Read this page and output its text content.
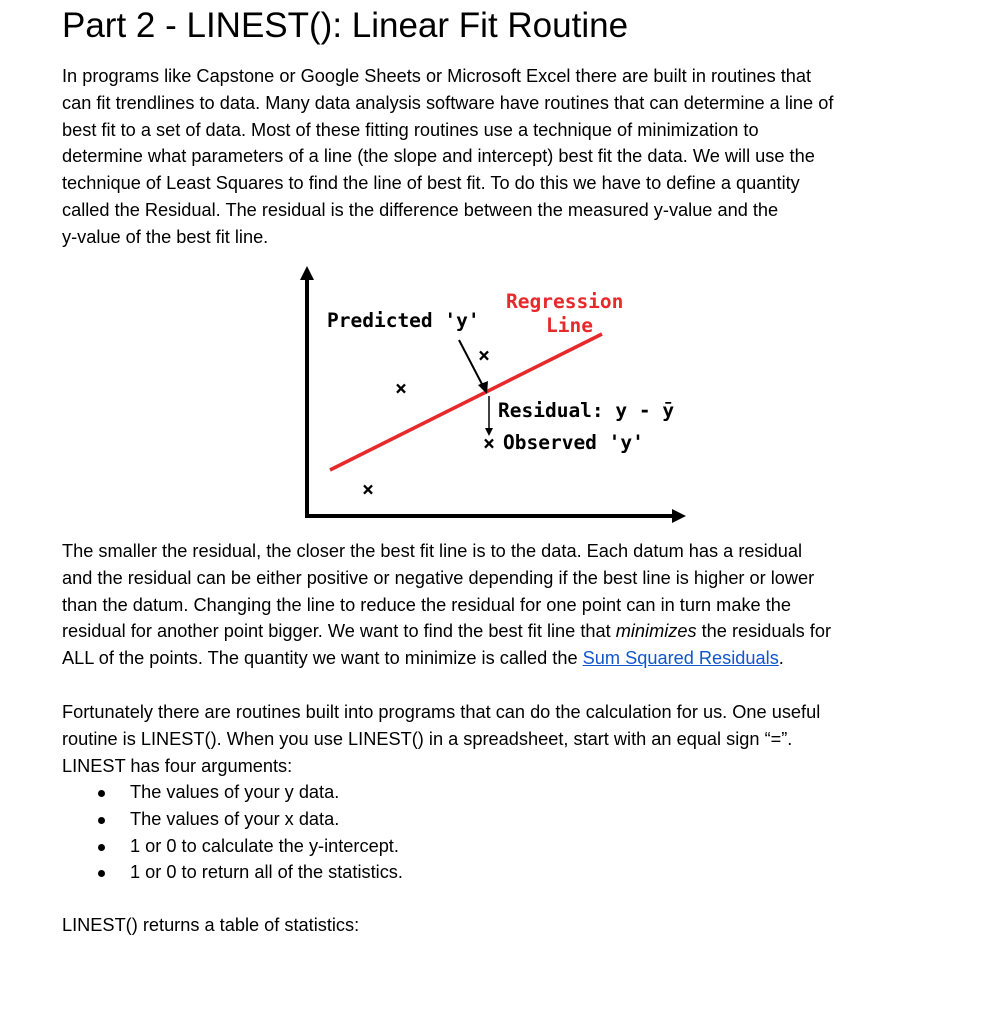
Part 2 - LINEST(): Linear Fit Routine

In programs like Capstone or Google Sheets or Microsoft Excel there are built in routines that
can fit trendlines to data. Many data analysis software have routines that can determine a line of
best fit to a set of data. Most of these fitting routines use a technique of minimization to
determine what parameters of a line (the slope and intercept) best fit the data. We will use the
technique of Least Squares to find the line of best fit. To do this we have to define a quantity
called the Residual. The residual is the difference between the measured y-value and the
y-value of the best fit line.

×
×
×
×
Predicted 'y'
Regression
Line
Residual: y - ȳ
Observed 'y'

The smaller the residual, the closer the best fit line is to the data. Each datum has a residual
and the residual can be either positive or negative depending if the best line is higher or lower
than the datum. Changing the line to reduce the residual for one point can in turn make the
residual for another point bigger. We want to find the best fit line that minimizes the residuals for
ALL of the points. The quantity we want to minimize is called the Sum Squared Residuals.

Fortunately there are routines built into programs that can do the calculation for us. One useful
routine is LINEST(). When you use LINEST() in a spreadsheet, start with an equal sign “=”.
LINEST has four arguments:

The values of your y data.
The values of your x data.
1 or 0 to calculate the y-intercept.
1 or 0 to return all of the statistics.

LINEST() returns a table of statistics:
